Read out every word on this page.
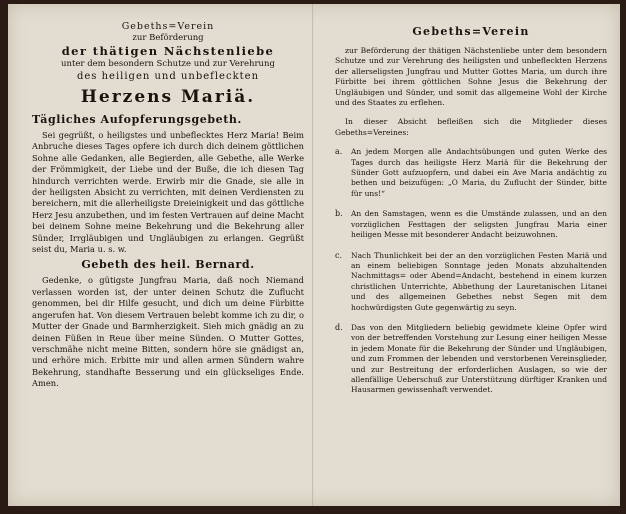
Gebeths=Verein
zur Beförderung
der thätigen Nächstenliebe
unter dem besondern Schutze und zur Verehrung
des heiligen und unbefleckten
Herzens Mariä.
Tägliches Aufopferungsgebeth.

Sei gegrüßt, o heiligstes und unbeflecktes Herz Maria! Beim Anbruche dieses Tages opfere ich durch dich deinem göttlichen Sohne alle Gedanken, alle Begierden, alle Gebethe, alle Werke der Frömmigkeit, der Liebe und der Buße, die ich diesen Tag hindurch verrichten werde. Erwirb mir die Gnade, sie alle in der heiligsten Absicht zu verrichten, mit deinen Verdiensten zu bereichern, mit die allerheiligste Dreieinigkeit und das göttliche Herz Jesu anzubethen, und im festen Vertrauen auf deine Macht bei deinem Sohne meine Bekehrung und die Bekehrung aller Sünder, Irrgläubigen und Ungläubigen zu erlangen. Gegrüßt seist du, Maria u. s. w.

Gebeth des heil. Bernard.

Gedenke, o gütigste Jungfrau Maria, daß noch Niemand verlassen worden ist, der unter deinen Schutz die Zuflucht genommen, bei dir Hilfe gesucht, und dich um deine Fürbitte angerufen hat. Von diesem Vertrauen belebt komme ich zu dir, o Mutter der Gnade und Barmherzigkeit. Sieh mich gnädig an zu deinen Füßen in Reue über meine Sünden. O Mutter Gottes, verschmähe nicht meine Bitten, sondern höre sie gnädigst an, und erhöre mich. Erbitte mir und allen armen Sündern wahre Bekehrung, standhafte Besserung und ein glückseliges Ende. Amen.

Gebeths=Verein

zur Beförderung der thätigen Nächstenliebe unter dem besondern Schutze und zur Verehrung des heiligsten und unbefleckten Herzens der allerseligsten Jungfrau und Mutter Gottes Maria, um durch ihre Fürbitte bei ihrem göttlichen Sohne Jesus die Bekehrung der Ungläubigen und Sünder, und somit das allgemeine Wohl der Kirche und des Staates zu erflehen.

In dieser Absicht befleißen sich die Mitglieder dieses Gebeths=Vereines:

a. An jedem Morgen alle Andachtsübungen und guten Werke des Tages durch das heiligste Herz Mariä für die Bekehrung der Sünder Gott aufzuopfern, und dabei ein Ave Maria andächtig zu bethen und beizufügen: „O Maria, du Zuflucht der Sünder, bitte für uns!“

b. An den Samstagen, wenn es die Umstände zulassen, und an den vorzüglichen Festtagen der seligsten Jungfrau Maria einer heiligen Messe mit besonderer Andacht beizuwohnen.

c. Nach Thunlichkeit bei der an den vorzüglichen Festen Mariä und an einem beliebigen Sonntage jeden Monats abzuhaltenden Nachmittags= oder Abend=Andacht, bestehend in einem kurzen christlichen Unterrichte, Abbethung der Lauretanischen Litanei und des allgemeinen Gebethes nebst Segen mit dem hochwürdigsten Gute gegenwärtig zu seyn.

d. Das von den Mitgliedern beliebig gewidmete kleine Opfer wird von der betreffenden Vorstehung zur Lesung einer heiligen Messe in jedem Monate für die Bekehrung der Sünder und Ungläubigen, und zum Frommen der lebenden und verstorbenen Vereinsglieder, und zur Bestreitung der erforderlichen Auslagen, so wie der allenfällige Ueberschuß zur Unterstützung dürftiger Kranken und Hausarmen gewissenhaft verwendet.
